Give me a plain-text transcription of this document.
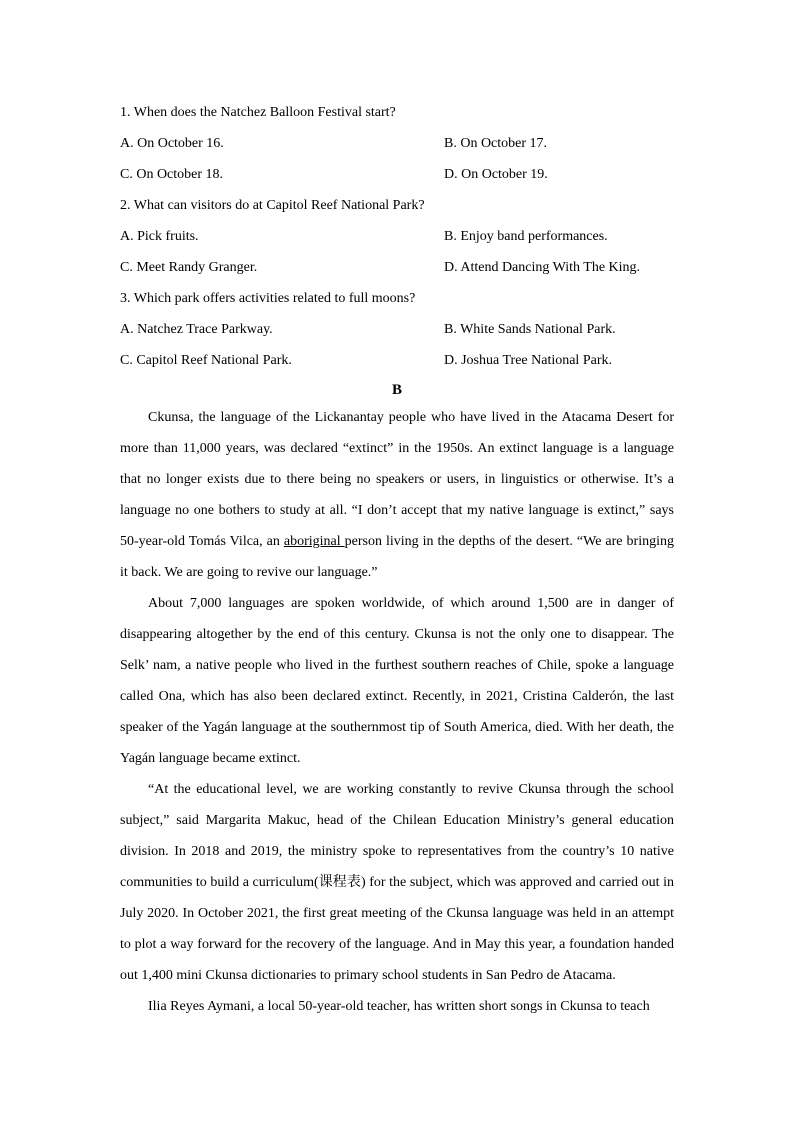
1. When does the Natchez Balloon Festival start?
A. On October 16.	B. On October 17.
C. On October 18.	D. On October 19.
2. What can visitors do at Capitol Reef National Park?
A. Pick fruits.	B. Enjoy band performances.
C. Meet Randy Granger.	D. Attend Dancing With The King.
3. Which park offers activities related to full moons?
A. Natchez Trace Parkway.	B. White Sands National Park.
C. Capitol Reef National Park.	D. Joshua Tree National Park.
B

Ckunsa, the language of the Lickanantay people who have lived in the Atacama Desert for more than 11,000 years, was declared “extinct” in the 1950s. An extinct language is a language that no longer exists due to there being no speakers or users, in linguistics or otherwise. It’s a language no one bothers to study at all. “I don’t accept that my native language is extinct,” says 50-year-old Tomás Vilca, an aboriginal person living in the depths of the desert. “We are bringing it back. We are going to revive our language.”

About 7,000 languages are spoken worldwide, of which around 1,500 are in danger of disappearing altogether by the end of this century. Ckunsa is not the only one to disappear. The Selk’ nam, a native people who lived in the furthest southern reaches of Chile, spoke a language called Ona, which has also been declared extinct. Recently, in 2021, Cristina Calderón, the last speaker of the Yagán language at the southernmost tip of South America, died. With her death, the Yagán language became extinct.

“At the educational level, we are working constantly to revive Ckunsa through the school subject,” said Margarita Makuc, head of the Chilean Education Ministry’s general education division. In 2018 and 2019, the ministry spoke to representatives from the country’s 10 native communities to build a curriculum(课程表) for the subject, which was approved and carried out in July 2020. In October 2021, the first great meeting of the Ckunsa language was held in an attempt to plot a way forward for the recovery of the language. And in May this year, a foundation handed out 1,400 mini Ckunsa dictionaries to primary school students in San Pedro de Atacama.

Ilia Reyes Aymani, a local 50-year-old teacher, has written short songs in Ckunsa to teach
